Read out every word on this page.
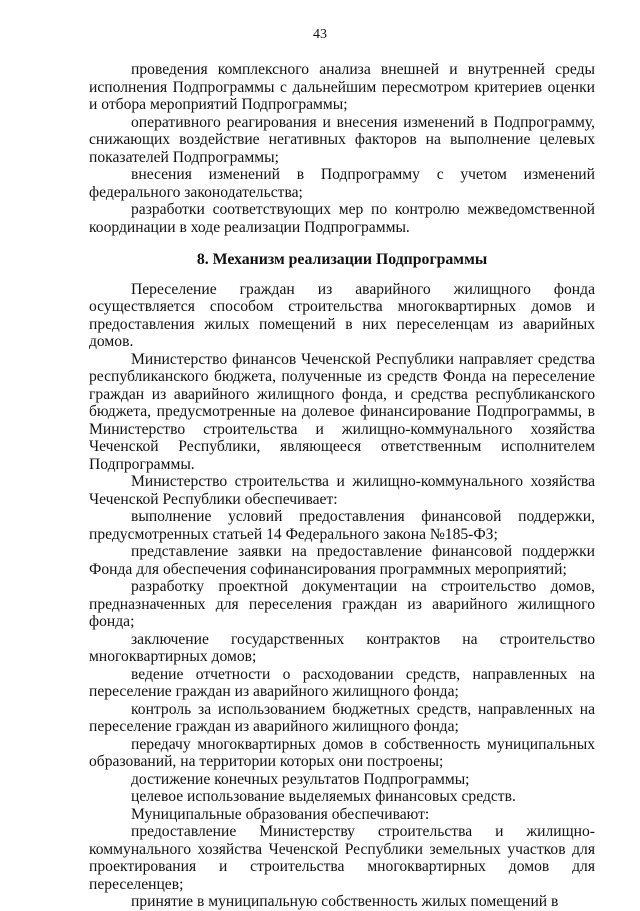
43

проведения комплексного анализа внешней и внутренней среды исполнения Подпрограммы с дальнейшим пересмотром критериев оценки и отбора мероприятий Подпрограммы;

оперативного реагирования и внесения изменений в Подпрограмму, снижающих воздействие негативных факторов на выполнение целевых показателей Подпрограммы;

внесения изменений в Подпрограмму с учетом изменений федерального законодательства;

разработки соответствующих мер по контролю межведомственной координации в ходе реализации Подпрограммы.

8. Механизм реализации Подпрограммы

Переселение граждан из аварийного жилищного фонда осуществляется способом строительства многоквартирных домов и предоставления жилых помещений в них переселенцам из аварийных домов.

Министерство финансов Чеченской Республики направляет средства республиканского бюджета, полученные из средств Фонда на переселение граждан из аварийного жилищного фонда, и средства республиканского бюджета, предусмотренные на долевое финансирование Подпрограммы, в Министерство строительства и жилищно-коммунального хозяйства Чеченской Республики, являющееся ответственным исполнителем Подпрограммы.

Министерство строительства и жилищно-коммунального хозяйства Чеченской Республики обеспечивает:

выполнение условий предоставления финансовой поддержки, предусмотренных статьей 14 Федерального закона №185-ФЗ;

представление заявки на предоставление финансовой поддержки Фонда для обеспечения софинансирования программных мероприятий;

разработку проектной документации на строительство домов, предназначенных для переселения граждан из аварийного жилищного фонда;

заключение государственных контрактов на строительство многоквартирных домов;

ведение отчетности о расходовании средств, направленных на переселение граждан из аварийного жилищного фонда;

контроль за использованием бюджетных средств, направленных на переселение граждан из аварийного жилищного фонда;

передачу многоквартирных домов в собственность муниципальных образований, на территории которых они построены;

достижение конечных результатов Подпрограммы;

целевое использование выделяемых финансовых средств.

Муниципальные образования обеспечивают:

предоставление Министерству строительства и жилищно-коммунального хозяйства Чеченской Республики земельных участков для проектирования и строительства многоквартирных домов для переселенцев;

принятие в муниципальную собственность жилых помещений в
